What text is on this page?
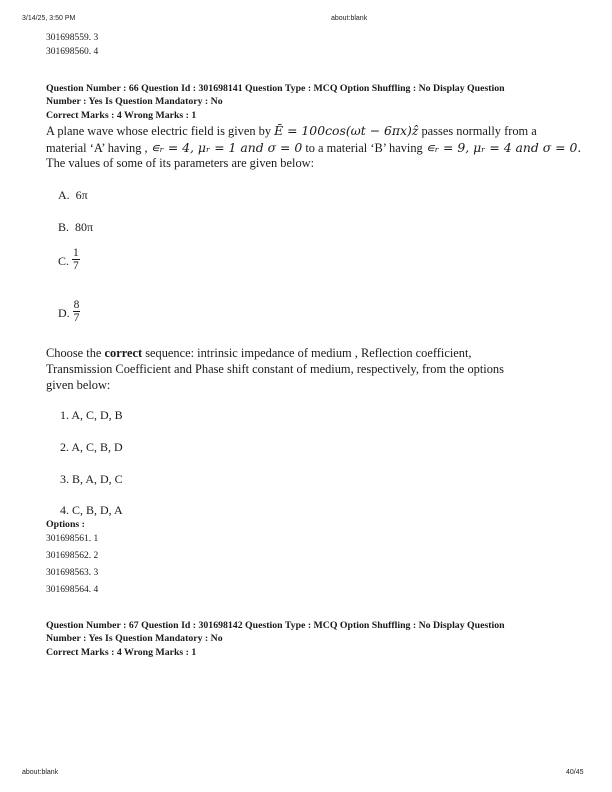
3/14/25, 3:50 PM	about:blank
301698559. 3
301698560. 4
Question Number : 66 Question Id : 301698141 Question Type : MCQ Option Shuffling : No Display Question
Number : Yes Is Question Mandatory : No
Correct Marks : 4 Wrong Marks : 1
A plane wave whose electric field is given by Ē = 100cos(ωt − 6πx)ẑ passes normally from a
material ‘A’ having , ∊ᵣ = 4, μᵣ = 1 and σ = 0 to a material ‘B’ having ∊ᵣ = 9, μᵣ = 4 and σ = 0.
The values of some of its parameters are given below:
A. 6π
B. 80π
C. $\frac{1}{7}$
D. $\frac{8}{7}$
Choose the correct sequence: intrinsic impedance of medium , Reflection coefficient,
Transmission Coefficient and Phase shift constant of medium, respectively, from the options
given below:
1. A, C, D, B
2. A, C, B, D
3. B, A, D, C
4. C, B, D, A
Options :
301698561. 1
301698562. 2
301698563. 3
301698564. 4
Question Number : 67 Question Id : 301698142 Question Type : MCQ Option Shuffling : No Display Question
Number : Yes Is Question Mandatory : No
Correct Marks : 4 Wrong Marks : 1
about:blank	40/45
